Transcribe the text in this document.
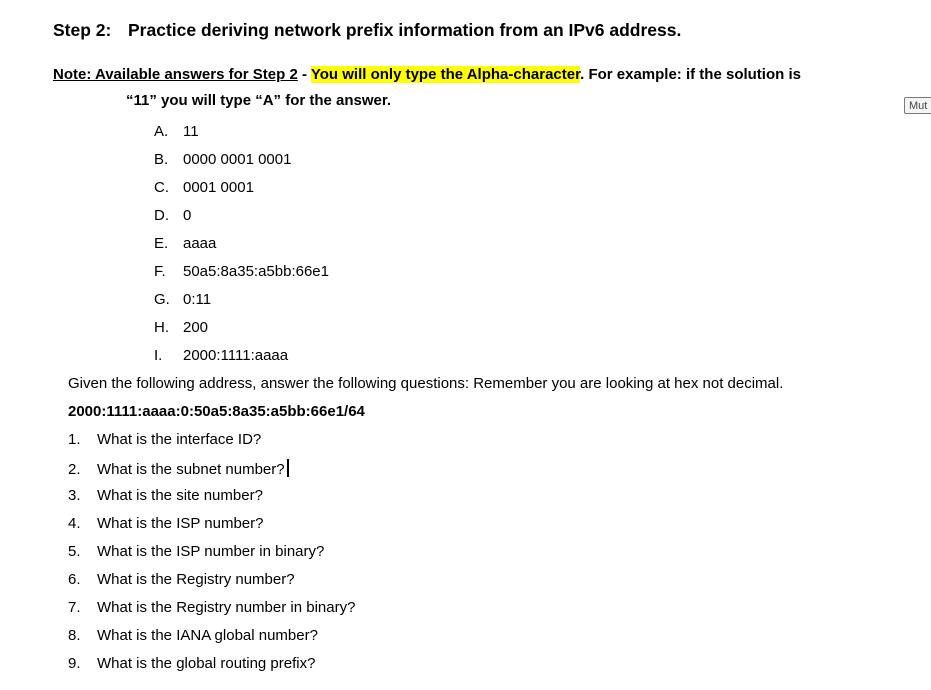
Step 2: Practice deriving network prefix information from an IPv6 address.
Note: Available answers for Step 2 - You will only type the Alpha-character. For example: if the solution is
“11” you will type “A” for the answer.	Mut
A. 11
B. 0000 0001 0001
C. 0001 0001
D. 0
E. aaaa
F. 50a5:8a35:a5bb:66e1
G. 0:11
H. 200
I. 2000:1111:aaaa
Given the following address, answer the following questions: Remember you are looking at hex not decimal.
2000:1111:aaaa:0:50a5:8a35:a5bb:66e1/64
1. What is the interface ID?
2. What is the subnet number?
3. What is the site number?
4. What is the ISP number?
5. What is the ISP number in binary?
6. What is the Registry number?
7. What is the Registry number in binary?
8. What is the IANA global number?
9. What is the global routing prefix?
